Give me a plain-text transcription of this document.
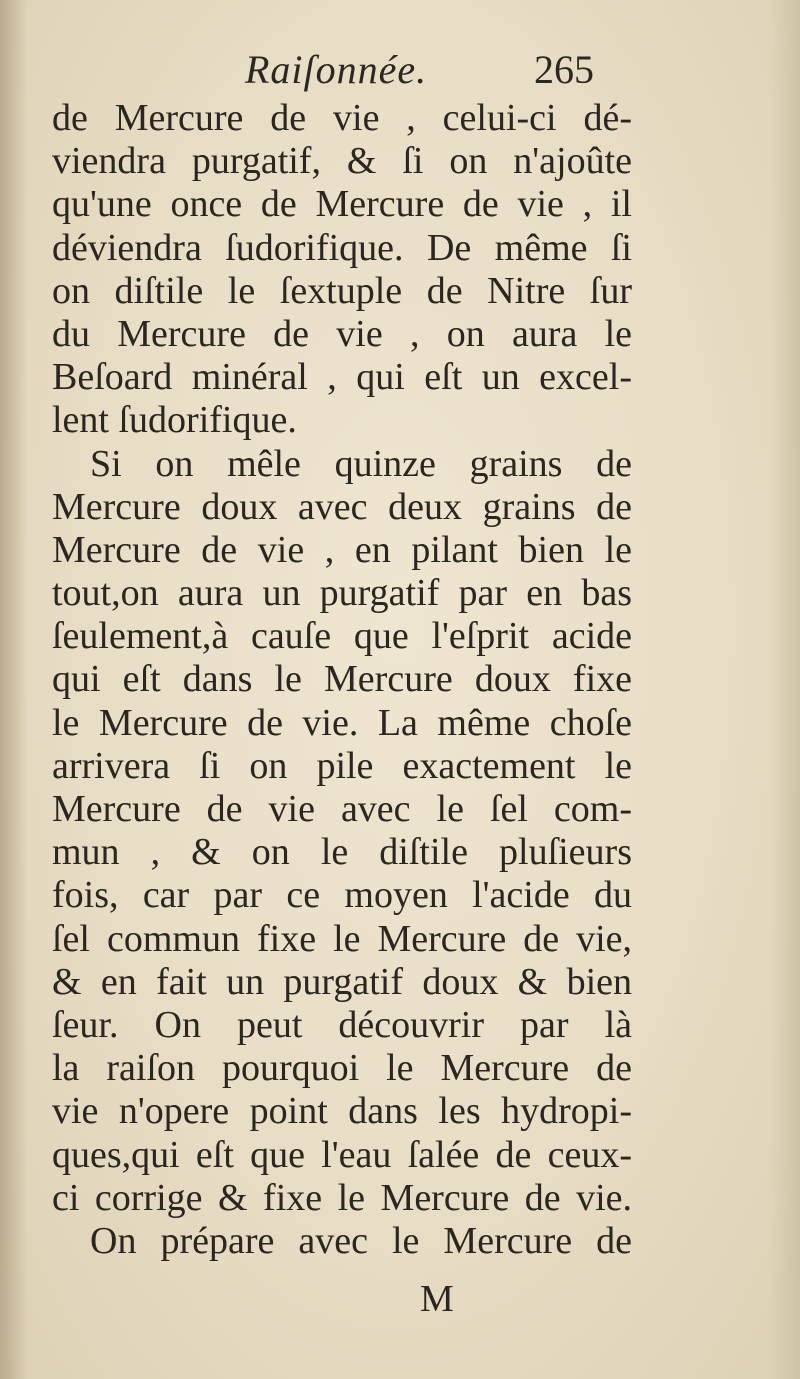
Raiſonnée.	265
de Mercure de vie , celui-ci dé-
viendra purgatif, & ſi on n'ajoûte
qu'une once de Mercure de vie , il
déviendra ſudorifique. De même ſi
on diſtile le ſextuple de Nitre ſur
du Mercure de vie , on aura le
Beſoard minéral , qui eſt un excel-
lent ſudorifique.
Si on mêle quinze grains de
Mercure doux avec deux grains de
Mercure de vie , en pilant bien le
tout,on aura un purgatif par en bas
ſeulement,à cauſe que l'eſprit acide
qui eſt dans le Mercure doux fixe
le Mercure de vie. La même choſe
arrivera ſi on pile exactement le
Mercure de vie avec le ſel com-
mun , & on le diſtile pluſieurs
fois, car par ce moyen l'acide du
ſel commun fixe le Mercure de vie,
& en fait un purgatif doux & bien
ſeur. On peut découvrir par là
la raiſon pourquoi le Mercure de
vie n'opere point dans les hydropi-
ques,qui eſt que l'eau ſalée de ceux-
ci corrige & fixe le Mercure de vie.
On prépare avec le Mercure de
M
